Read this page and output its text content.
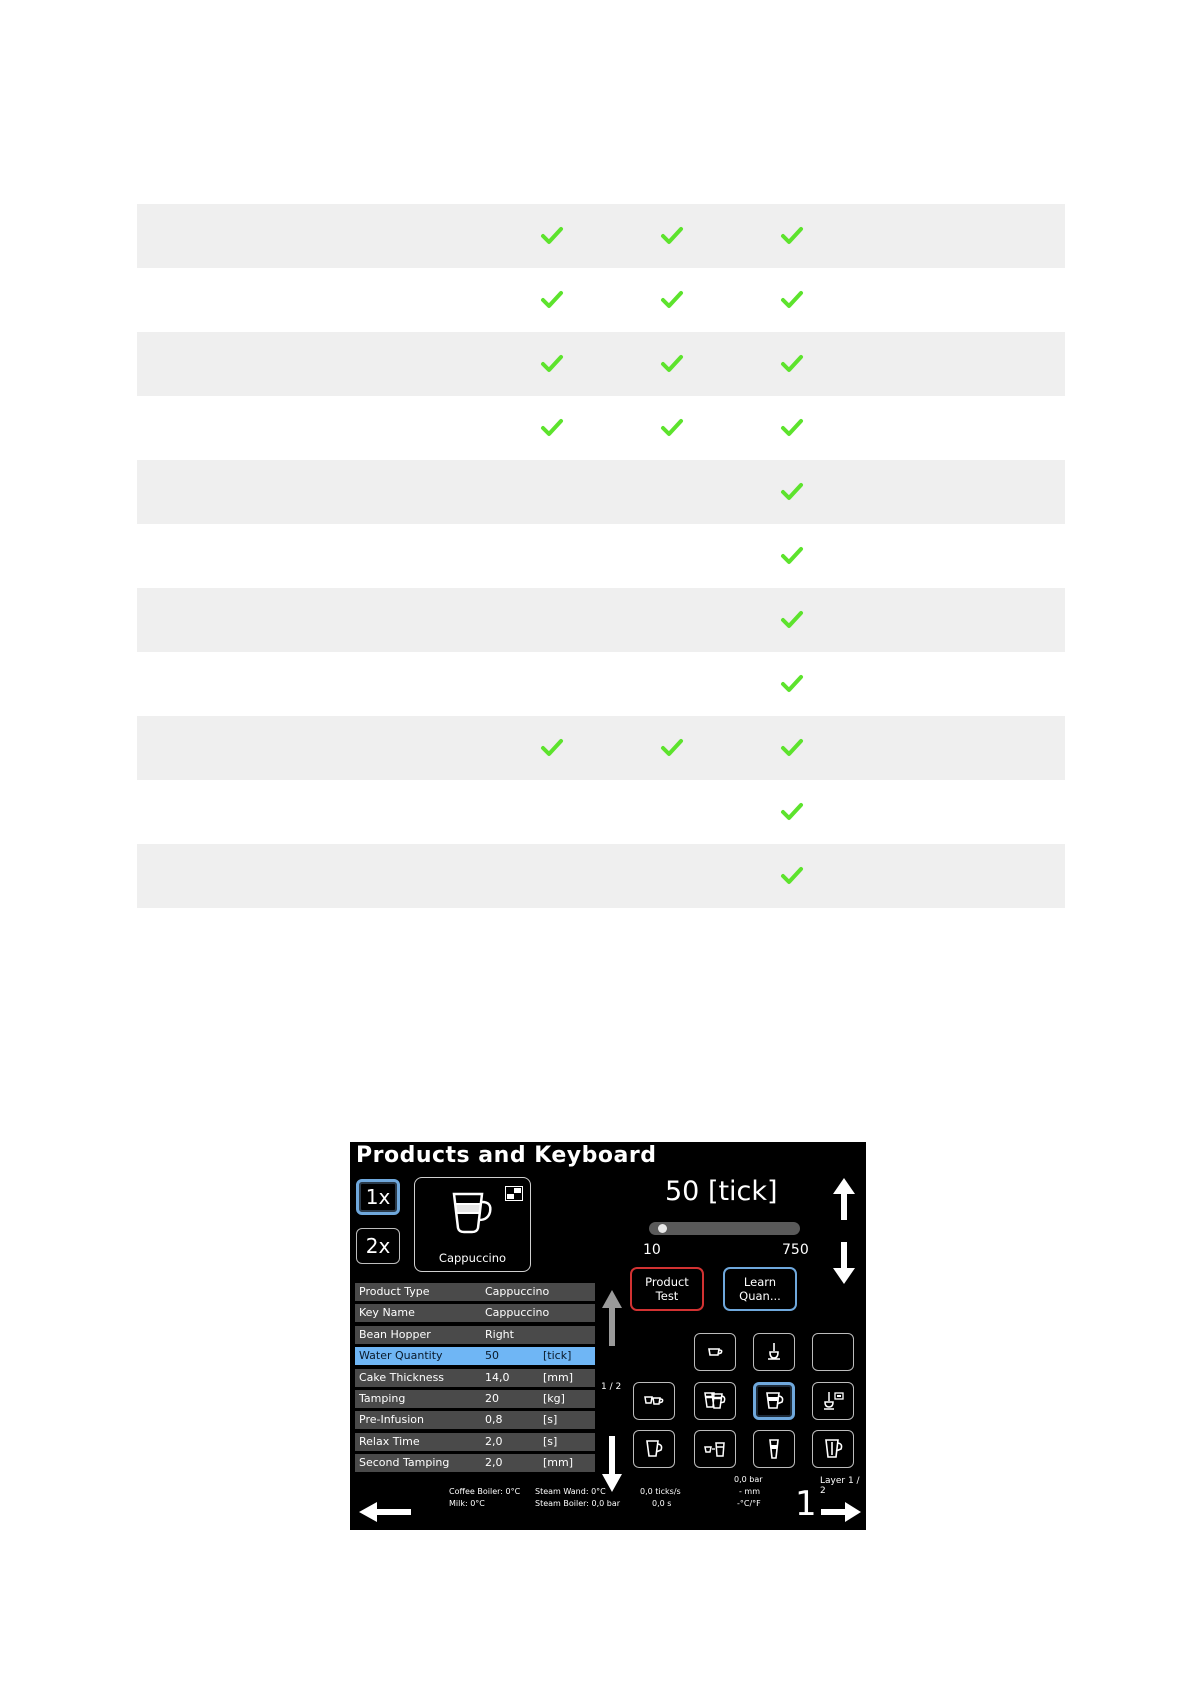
Products and Keyboard
1x
2x	Cappuccino
50 [tick]
10	750
Product
Test
Learn
Quan...
Product Type	Cappuccino
Key Name	Cappuccino
Bean Hopper	Right
Water Quantity	50	[tick]
Cake Thickness	14,0	[mm]
Tamping	20	[kg]
Pre-Infusion	0,8	[s]
Relax Time	2,0	[s]
Second Tamping	2,0	[mm]
1 / 2
Layer 1 / 2
Coffee Boiler: 0°C
Milk: 0°C
Steam Wand: 0°C
Steam Boiler: 0,0 bar
0,0 ticks/s
0,0 s
0,0 bar
- mm
-°C/°F 1
